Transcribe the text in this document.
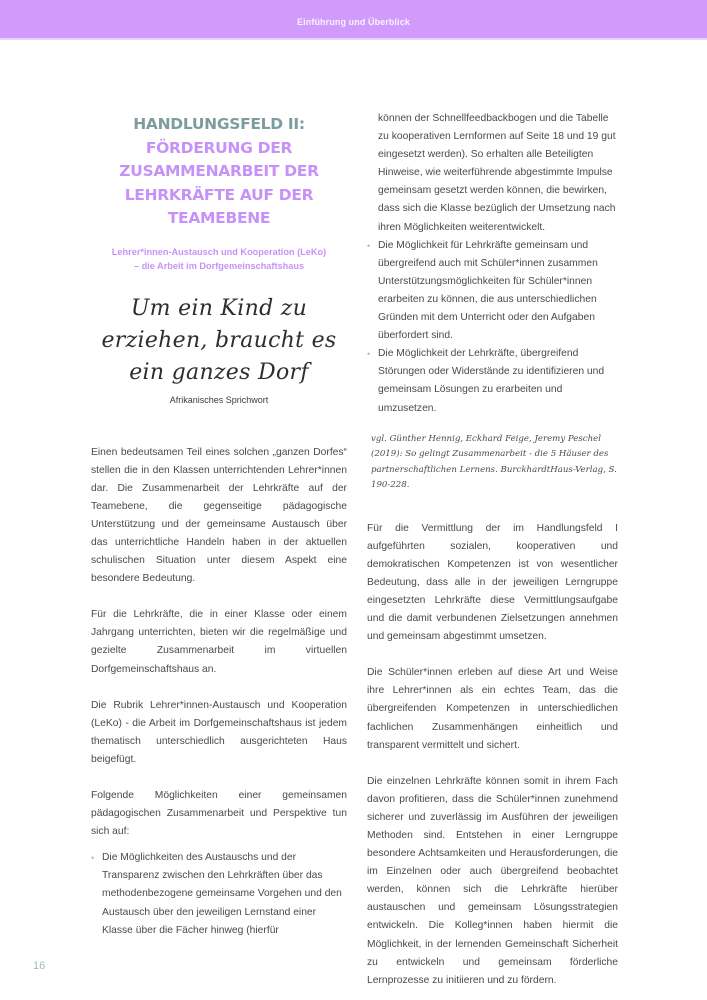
Einführung und Überblick
HANDLUNGSFELD II:
FÖRDERUNG DER
ZUSAMMENARBEIT DER
LEHRKRÄFTE AUF DER
TEAMEBENE
Lehrer*innen-Austausch und Kooperation (LeKo)
– die Arbeit im Dorfgemeinschaftshaus
Um ein Kind zu
erziehen, braucht es
ein ganzes Dorf
Afrikanisches Sprichwort

Einen bedeutsamen Teil eines solchen „ganzen Dorfes“ stellen die in den Klassen unterrichtenden Lehrer*innen dar. Die Zusammenarbeit der Lehrkräfte auf der Teamebene, die gegenseitige pädagogische Unterstützung und der gemeinsame Austausch über das unterrichtliche Handeln haben in der aktuellen schulischen Situation unter diesem Aspekt eine besondere Bedeutung.

Für die Lehrkräfte, die in einer Klasse oder einem Jahrgang unterrichten, bieten wir die regelmäßige und gezielte Zusammenarbeit im virtuellen Dorfgemeinschaftshaus an.

Die Rubrik Lehrer*innen-Austausch und Kooperation (LeKo) - die Arbeit im Dorfgemeinschaftshaus ist jedem thematisch unterschiedlich ausgerichteten Haus beigefügt.

Folgende Möglichkeiten einer gemeinsamen pädagogischen Zusammenarbeit und Perspektive tun sich auf:

• Die Möglichkeiten des Austauschs und der Transparenz zwischen den Lehrkräften über das methodenbezogene gemeinsame Vorgehen und den Austausch über den jeweiligen Lernstand einer Klasse über die Fächer hinweg (hierfür
können der Schnellfeedbackbogen und die Tabelle zu kooperativen Lernformen auf Seite 18 und 19 gut eingesetzt werden). So erhalten alle Beteiligten Hinweise, wie weiterführende abgestimmte Impulse gemeinsam gesetzt werden können, die bewirken, dass sich die Klasse bezüglich der Umsetzung nach ihren Möglichkeiten weiterentwickelt.
• Die Möglichkeit für Lehrkräfte gemeinsam und übergreifend auch mit Schüler*innen zusammen Unterstützungsmöglichkeiten für Schüler*innen erarbeiten zu können, die aus unterschiedlichen Gründen mit dem Unterricht oder den Aufgaben überfordert sind.
• Die Möglichkeit der Lehrkräfte, übergreifend Störungen oder Widerstände zu identifizieren und gemeinsam Lösungen zu erarbeiten und umzusetzen.
vgl. Günther Hennig, Eckhard Feige, Jeremy Peschel (2019): So gelingt Zusammenarbeit - die 5 Häuser des partnerschaftlichen Lernens. BurckhardtHaus-Verlag, S. 190-228.

Für die Vermittlung der im Handlungsfeld I aufgeführten sozialen, kooperativen und demokratischen Kompetenzen ist von wesentlicher Bedeutung, dass alle in der jeweiligen Lerngruppe eingesetzten Lehrkräfte diese Vermittlungsaufgabe und die damit verbundenen Zielsetzungen annehmen und gemeinsam abgestimmt umsetzen.

Die Schüler*innen erleben auf diese Art und Weise ihre Lehrer*innen als ein echtes Team, das die übergreifenden Kompetenzen in unterschiedlichen fachlichen Zusammenhängen einheitlich und transparent vermittelt und sichert.

Die einzelnen Lehrkräfte können somit in ihrem Fach davon profitieren, dass die Schüler*innen zunehmend sicherer und zuverlässig im Ausführen der jeweiligen Methoden sind. Entstehen in einer Lerngruppe besondere Achtsamkeiten und Herausforderungen, die im Einzelnen oder auch übergreifend beobachtet werden, können sich die Lehrkräfte hierüber austauschen und gemeinsam Lösungsstrategien entwickeln. Die Kolleg*innen haben hiermit die Möglichkeit, in der lernenden Gemeinschaft Sicherheit zu entwickeln und gemeinsam förderliche Lernprozesse zu initiieren und zu fördern.

16
